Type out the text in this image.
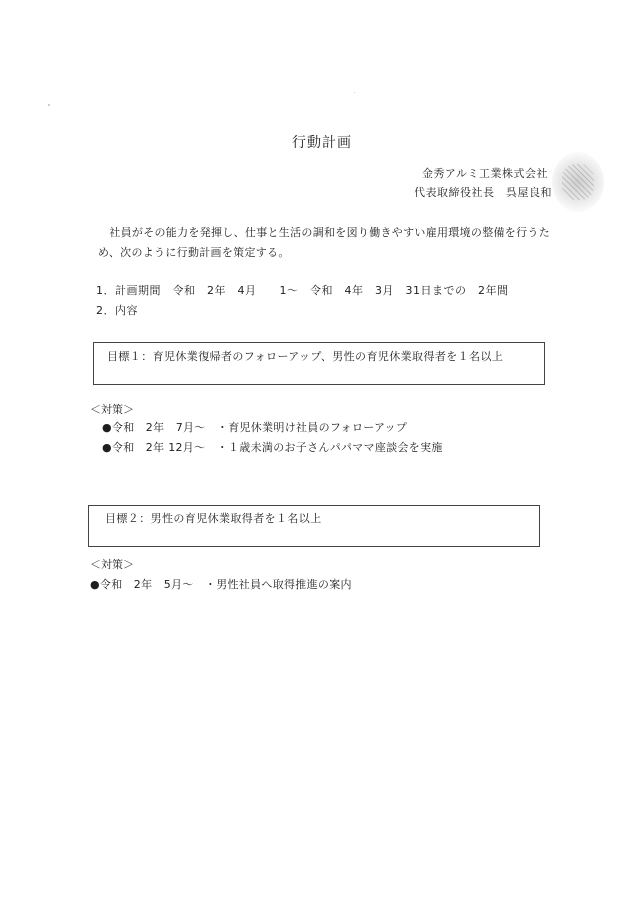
行動計画
金秀アルミ工業株式会社
代表取締役社長　呉屋良和
　社員がその能力を発揮し、仕事と生活の調和を図り働きやすい雇用環境の整備を行うため、次のように行動計画を策定する。
1．計画期間　令和　2年　4月　　1〜　令和　4年　3月　31日までの　2年間
2．内容
目標１：育児休業復帰者のフォローアップ、男性の育児休業取得者を１名以上
＜対策＞
●令和　2年　7月〜　・育児休業明け社員のフォローアップ
●令和　2年 12月〜　・１歳未満のお子さんパパママ座談会を実施
目標２：男性の育児休業取得者を１名以上
＜対策＞
●令和　2年　5月〜　・男性社員へ取得推進の案内
